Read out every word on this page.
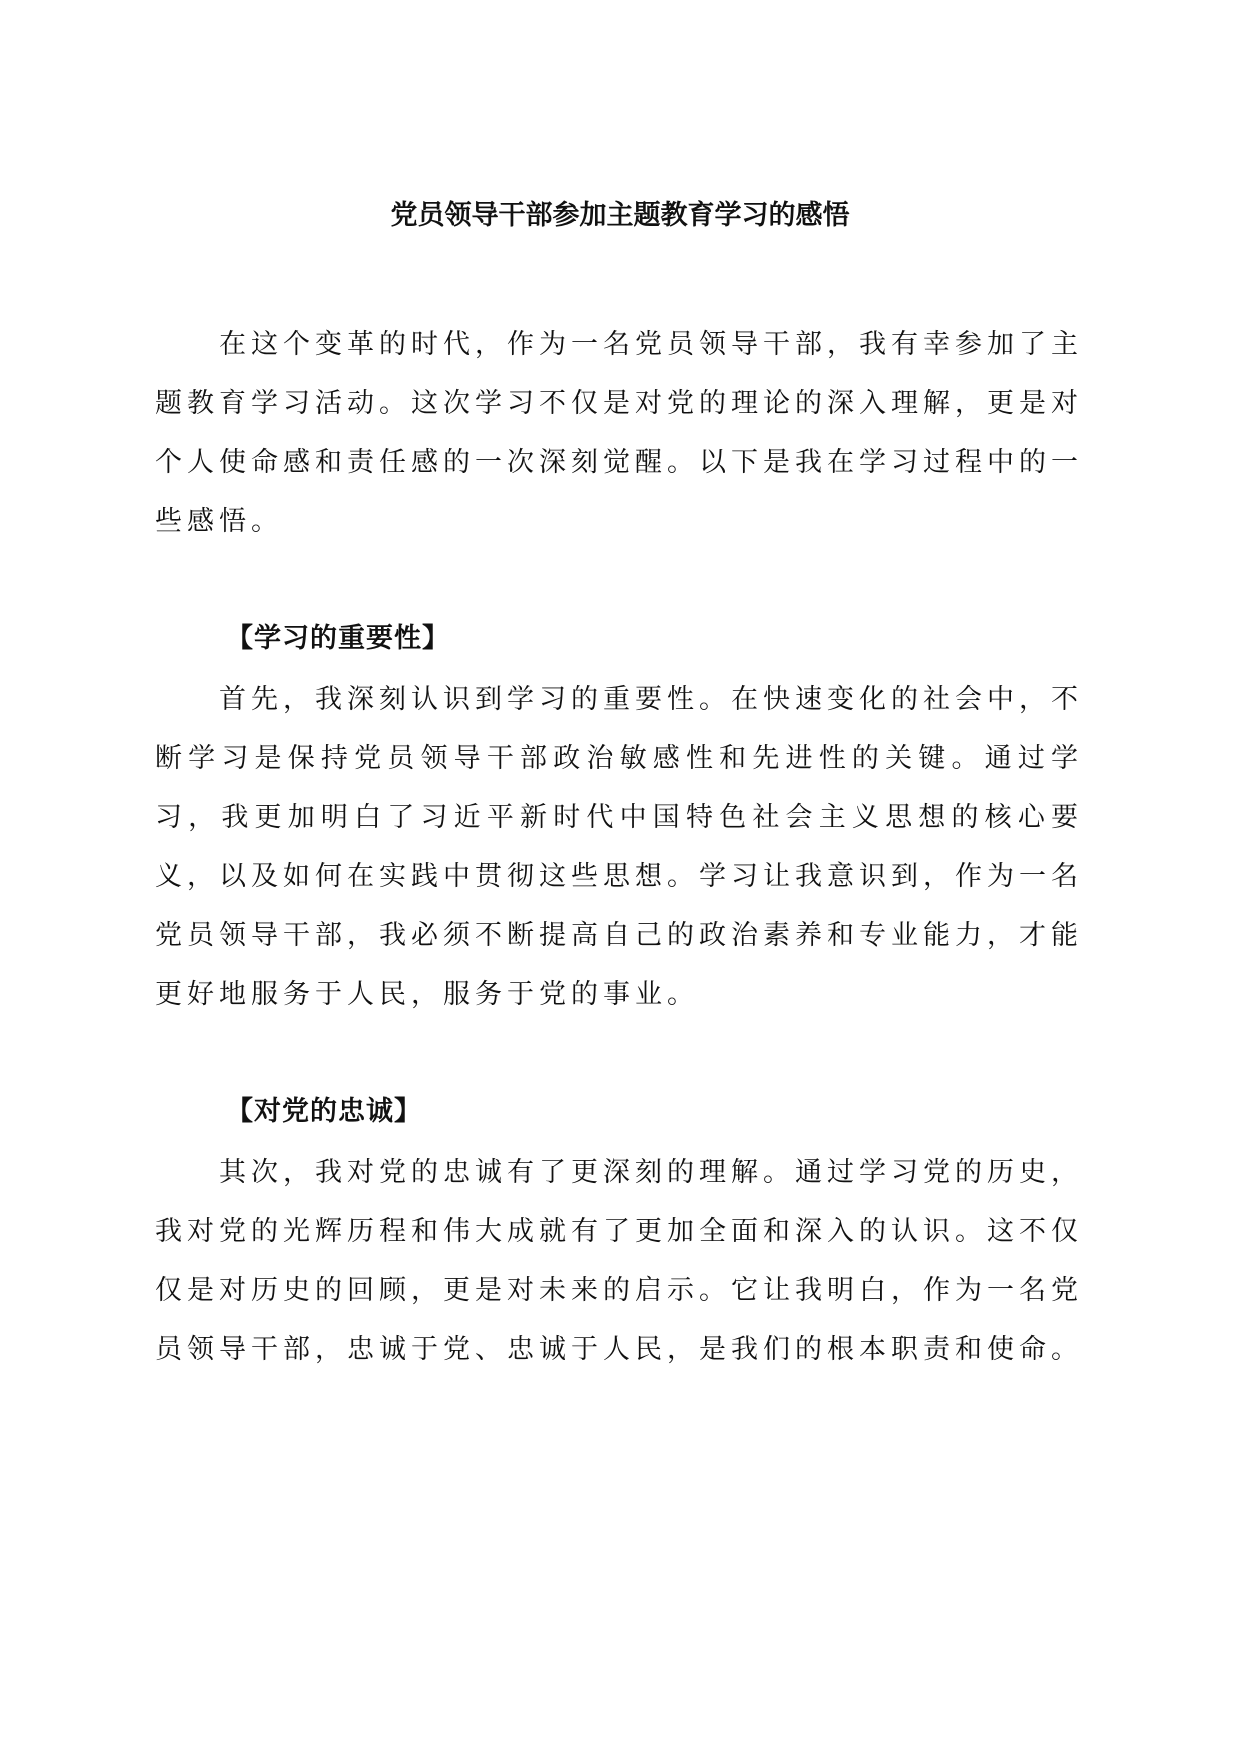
党员领导干部参加主题教育学习的感悟

在这个变革的时代，作为一名党员领导干部，我有幸参加了主题教育学习活动。这次学习不仅是对党的理论的深入理解，更是对个人使命感和责任感的一次深刻觉醒。以下是我在学习过程中的一些感悟。

【学习的重要性】

首先，我深刻认识到学习的重要性。在快速变化的社会中，不断学习是保持党员领导干部政治敏感性和先进性的关键。通过学习，我更加明白了习近平新时代中国特色社会主义思想的核心要义，以及如何在实践中贯彻这些思想。学习让我意识到，作为一名党员领导干部，我必须不断提高自己的政治素养和专业能力，才能更好地服务于人民，服务于党的事业。

【对党的忠诚】

其次，我对党的忠诚有了更深刻的理解。通过学习党的历史，我对党的光辉历程和伟大成就有了更加全面和深入的认识。这不仅仅是对历史的回顾，更是对未来的启示。它让我明白，作为一名党员领导干部，忠诚于党、忠诚于人民，是我们的根本职责和使命。
